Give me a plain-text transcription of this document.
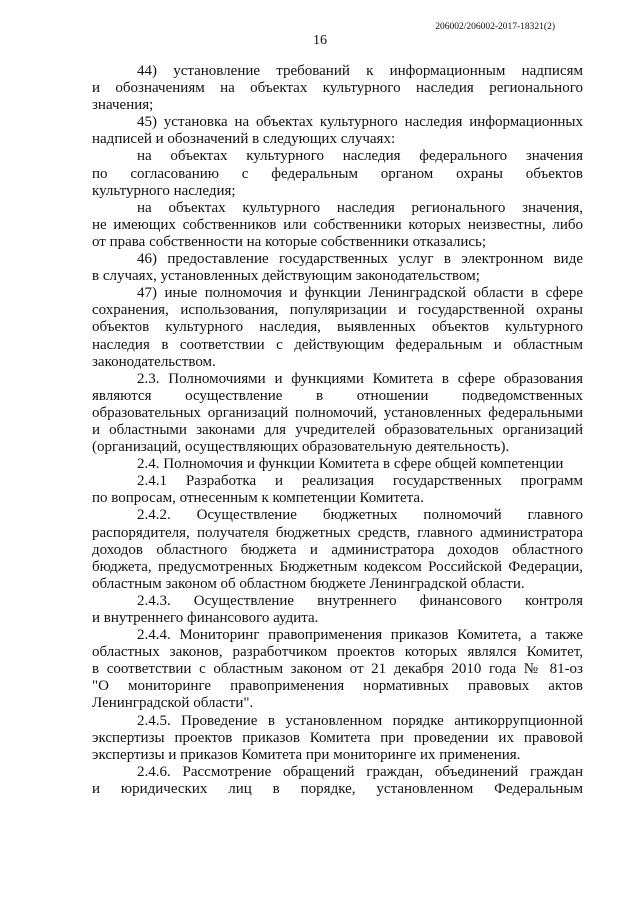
206002/206002-2017-18321(2)
16
44) установление требований к информационным надписям
и обозначениям на объектах культурного наследия регионального
значения;
45) установка на объектах культурного наследия информационных
надписей и обозначений в следующих случаях:
на объектах культурного наследия федерального значения
по согласованию с федеральным органом охраны объектов
культурного наследия;
на объектах культурного наследия регионального значения,
не имеющих собственников или собственники которых неизвестны, либо
от права собственности на которые собственники отказались;
46) предоставление государственных услуг в электронном виде
в случаях, установленных действующим законодательством;
47) иные полномочия и функции Ленинградской области в сфере
сохранения, использования, популяризации и государственной охраны
объектов культурного наследия, выявленных объектов культурного
наследия в соответствии с действующим федеральным и областным
законодательством.
2.3. Полномочиями и функциями Комитета в сфере образования
являются осуществление в отношении подведомственных
образовательных организаций полномочий, установленных федеральными
и областными законами для учредителей образовательных организаций
(организаций, осуществляющих образовательную деятельность).
2.4. Полномочия и функции Комитета в сфере общей компетенции
2.4.1 Разработка и реализация государственных программ
по вопросам, отнесенным к компетенции Комитета.
2.4.2. Осуществление бюджетных полномочий главного
распорядителя, получателя бюджетных средств, главного администратора
доходов областного бюджета и администратора доходов областного
бюджета, предусмотренных Бюджетным кодексом Российской Федерации,
областным законом об областном бюджете Ленинградской области.
2.4.3. Осуществление внутреннего финансового контроля
и внутреннего финансового аудита.
2.4.4. Мониторинг правоприменения приказов Комитета, а также
областных законов, разработчиком проектов которых являлся Комитет,
в соответствии с областным законом от 21 декабря 2010 года № 81-оз
"О мониторинге правоприменения нормативных правовых актов
Ленинградской области".
2.4.5. Проведение в установленном порядке антикоррупционной
экспертизы проектов приказов Комитета при проведении их правовой
экспертизы и приказов Комитета при мониторинге их применения.
2.4.6. Рассмотрение обращений граждан, объединений граждан
и юридических лиц в порядке, установленном Федеральным
